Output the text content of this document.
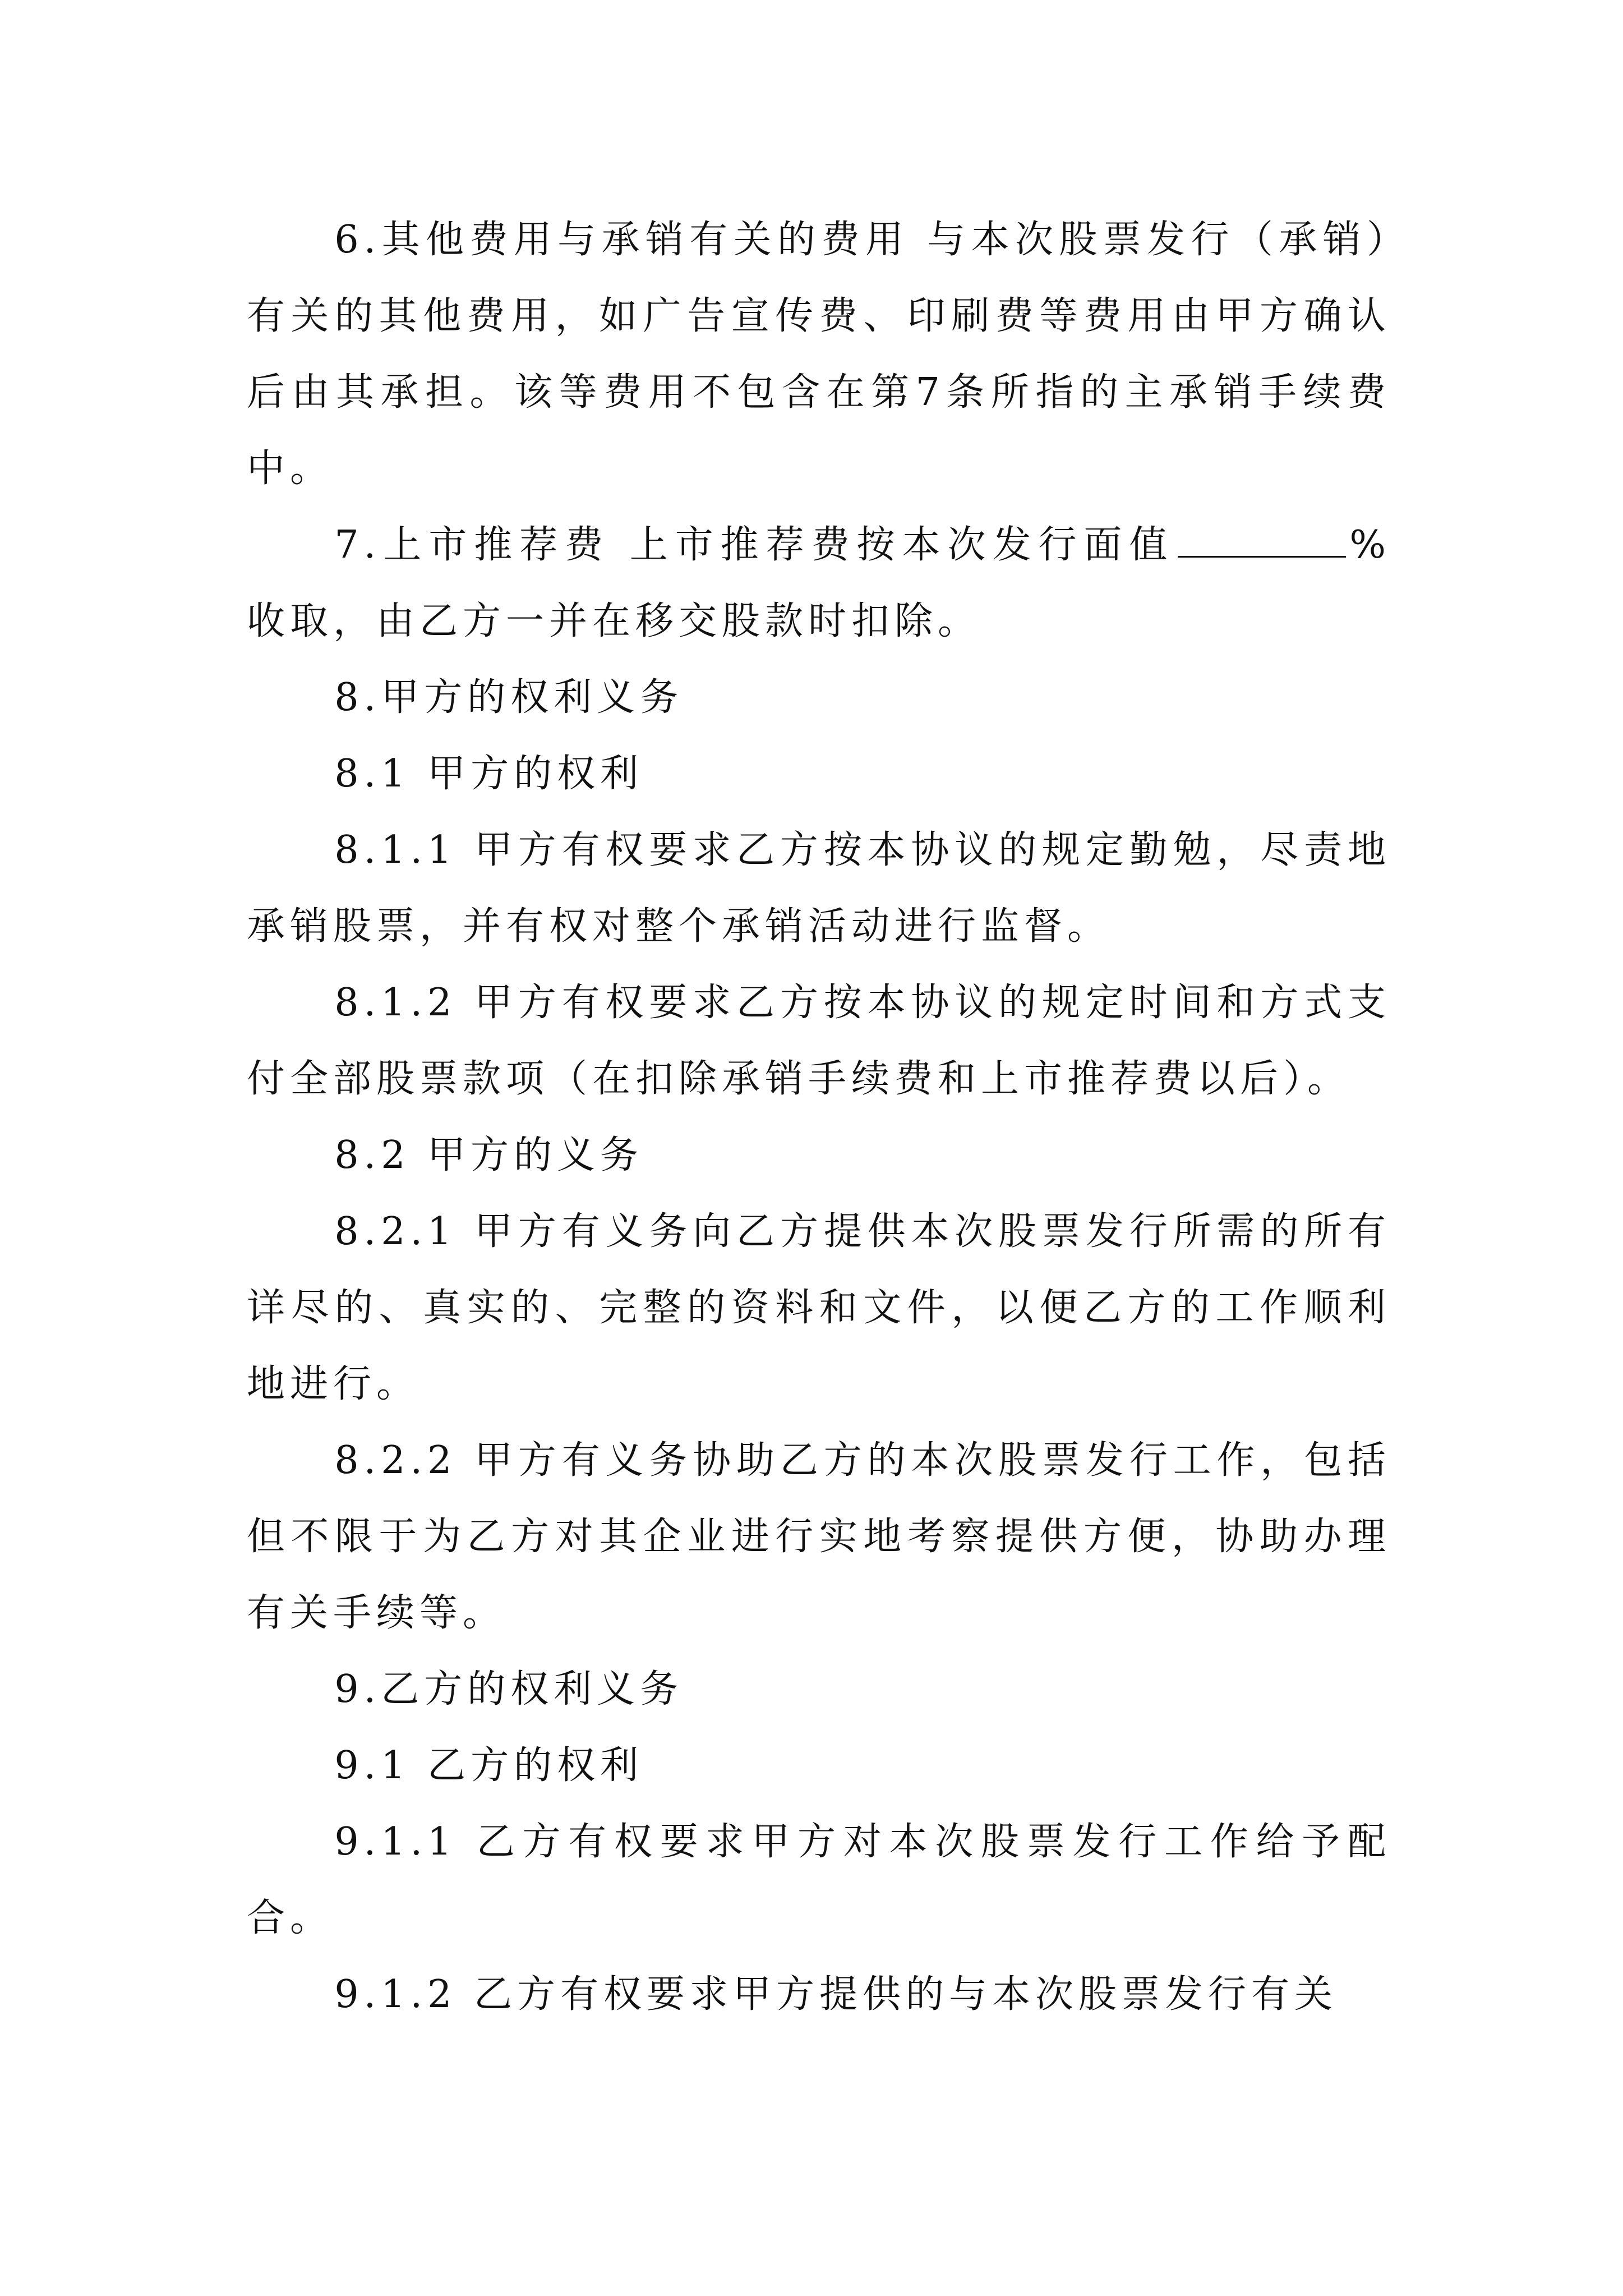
6.其他费用与承销有关的费用 与本次股票发行（承销）有关的其他费用，如广告宣传费、印刷费等费用由甲方确认后由其承担。该等费用不包含在第7条所指的主承销手续费中。

7.上市推荐费 上市推荐费按本次发行面值	%收取，由乙方一并在移交股款时扣除。

8.甲方的权利义务

8.1 甲方的权利

8.1.1 甲方有权要求乙方按本协议的规定勤勉，尽责地承销股票，并有权对整个承销活动进行监督。

8.1.2 甲方有权要求乙方按本协议的规定时间和方式支付全部股票款项（在扣除承销手续费和上市推荐费以后）。

8.2 甲方的义务

8.2.1 甲方有义务向乙方提供本次股票发行所需的所有详尽的、真实的、完整的资料和文件，以便乙方的工作顺利地进行。

8.2.2 甲方有义务协助乙方的本次股票发行工作，包括但不限于为乙方对其企业进行实地考察提供方便，协助办理有关手续等。

9.乙方的权利义务

9.1 乙方的权利

9.1.1 乙方有权要求甲方对本次股票发行工作给予配合。

9.1.2 乙方有权要求甲方提供的与本次股票发行有关
